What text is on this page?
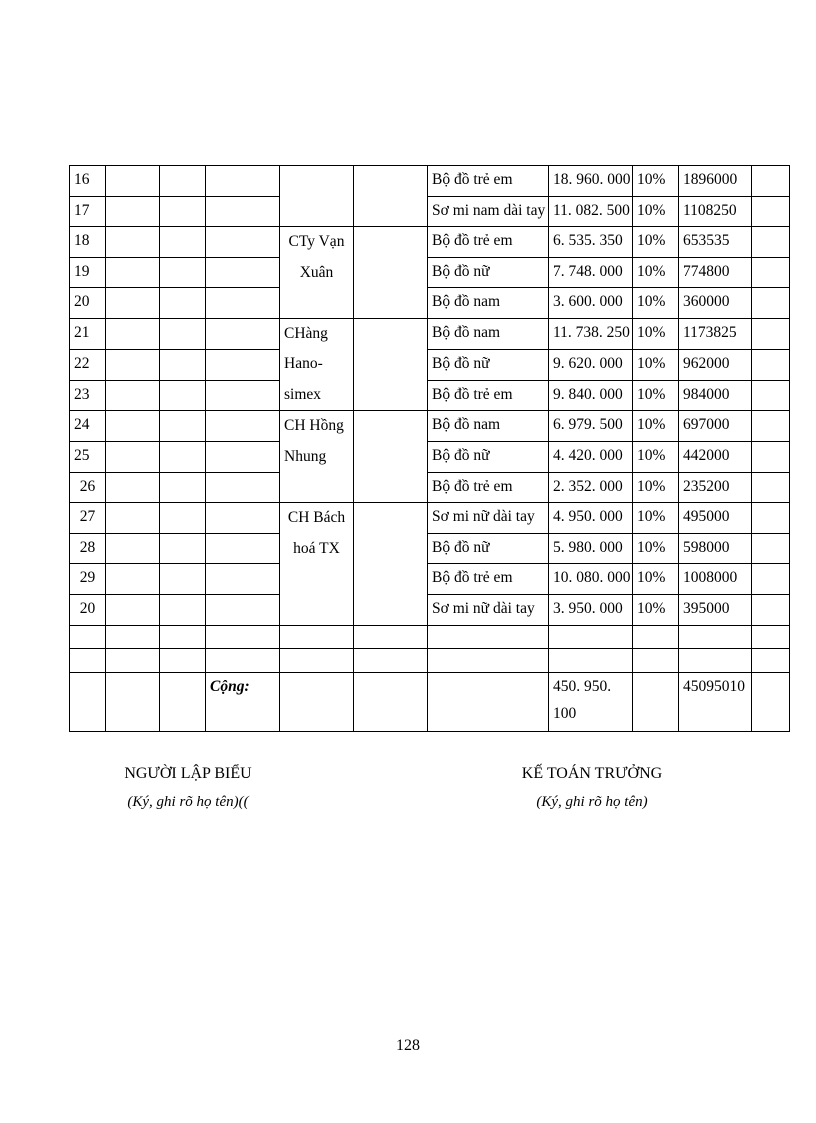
16						Bộ đồ trẻ em	18. 960. 000	10%	1896000	
17						Sơ mi nam dài tay	11. 082. 500	10%	1108250	
18				CTy Vạn Xuân		Bộ đồ trẻ em	6. 535. 350	10%	653535	
19						Bộ đồ nữ	7. 748. 000	10%	774800	
20						Bộ đồ nam	3. 600. 000	10%	360000	
21				CHàng Hano-simex		Bộ đồ nam	11. 738. 250	10%	1173825	
22						Bộ đồ nữ	9. 620. 000	10%	962000	
23						Bộ đồ trẻ em	9. 840. 000	10%	984000	
24				CH Hồng Nhung		Bộ đồ nam	6. 979. 500	10%	697000	
25						Bộ đồ nữ	4. 420. 000	10%	442000	
26						Bộ đồ trẻ em	2. 352. 000	10%	235200	
27				CH Bách hoá TX		Sơ mi nữ dài tay	4. 950. 000	10%	495000	
28						Bộ đồ nữ	5. 980. 000	10%	598000	
29						Bộ đồ trẻ em	10. 080. 000	10%	1008000	
20						Sơ mi nữ dài tay	3. 950. 000	10%	395000	

			Cộng:				450. 950. 100		45095010	
NGƯỜI LẬP BIỂU
(Ký, ghi rõ họ tên)((
KẾ TOÁN TRƯỞNG
(Ký, ghi rõ họ tên)
128
